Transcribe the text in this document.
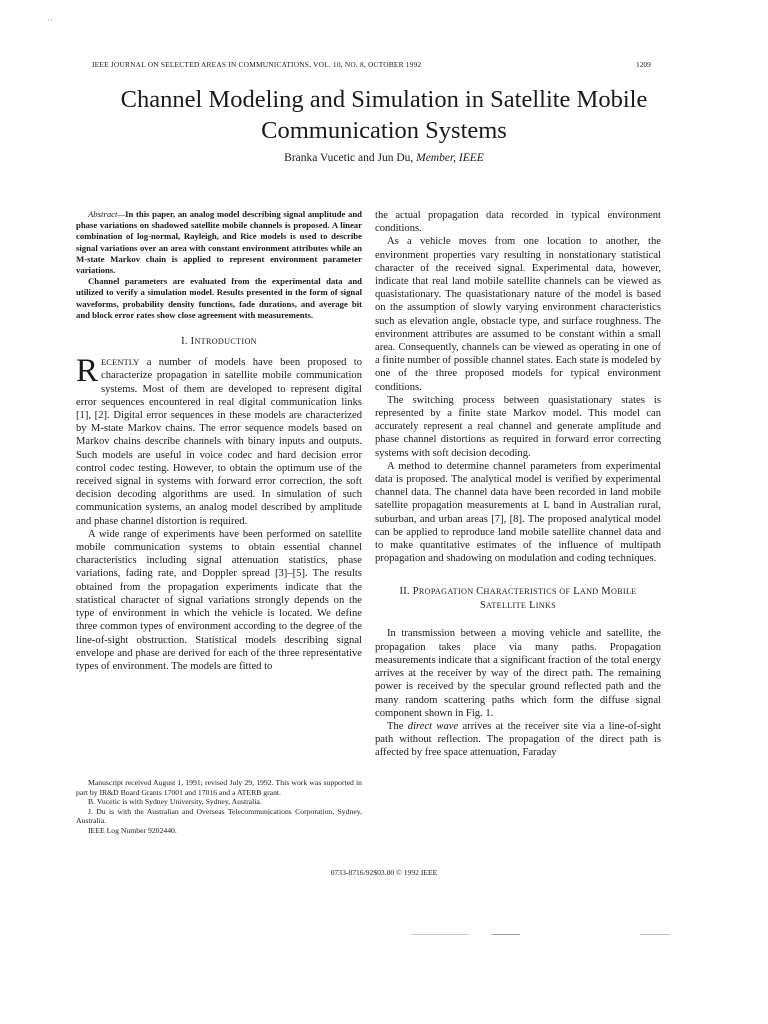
' '
IEEE JOURNAL ON SELECTED AREAS IN COMMUNICATIONS, VOL. 10, NO. 8, OCTOBER 1992	1209
Channel Modeling and Simulation in Satellite Mobile
Communication Systems
Branka Vucetic and Jun Du, Member, IEEE

Abstract—In this paper, an analog model describing signal amplitude and phase variations on shadowed satellite mobile channels is proposed. A linear combination of log-normal, Rayleigh, and Rice models is used to describe signal variations over an area with constant environment attributes while an M-state Markov chain is applied to represent environment parameter variations.

Channel parameters are evaluated from the experimental data and utilized to verify a simulation model. Results presented in the form of signal waveforms, probability density functions, fade durations, and average bit and block error rates show close agreement with measurements.

I. INTRODUCTION

RECENTLY a number of models have been proposed to characterize propagation in satellite mobile communication systems. Most of them are developed to represent digital error sequences encountered in real digital communication links [1], [2]. Digital error sequences in these models are characterized by M-state Markov chains. The error sequence models based on Markov chains describe channels with binary inputs and outputs. Such models are useful in voice codec and hard decision error control codec testing. However, to obtain the optimum use of the received signal in systems with forward error correction, the soft decision decoding algorithms are used. In simulation of such communication systems, an analog model described by amplitude and phase channel distortion is required.

A wide range of experiments have been performed on satellite mobile communication systems to obtain essential channel characteristics including signal attenuation statistics, phase variations, fading rate, and Doppler spread [3]–[5]. The results obtained from the propagation experiments indicate that the statistical character of signal variations strongly depends on the type of environment in which the vehicle is located. We define three common types of environment according to the degree of the line-of-sight obstruction. Statistical models describing signal envelope and phase are derived for each of the three representative types of environment. The models are fitted to

Manuscript received August 1, 1991; revised July 29, 1992. This work was supported in part by IR&D Board Grants 17001 and 17016 and a ATERB grant.

B. Vucetic is with Sydney University, Sydney, Australia.

J. Du is with the Australian and Overseas Telecommunications Corporation, Sydney, Australia.

IEEE Log Number 9202440.

the actual propagation data recorded in typical environment conditions.

As a vehicle moves from one location to another, the environment properties vary resulting in nonstationary statistical character of the received signal. Experimental data, however, indicate that real land mobile satellite channels can be viewed as quasistationary. The quasistationary nature of the model is based on the assumption of slowly varying environment characteristics such as elevation angle, obstacle type, and surface roughness. The environment attributes are assumed to be constant within a small area. Consequently, channels can be viewed as operating in one of a finite number of possible channel states. Each state is modeled by one of the three proposed models for typical environment conditions.

The switching process between quasistationary states is represented by a finite state Markov model. This model can accurately represent a real channel and generate amplitude and phase channel distortions as required in forward error correcting systems with soft decision decoding.

A method to determine channel parameters from experimental data is proposed. The analytical model is verified by experimental channel data. The channel data have been recorded in land mobile satellite propagation measurements at L band in Australian rural, suburban, and urban areas [7], [8]. The proposed analytical model can be applied to reproduce land mobile satellite channel data and to make quantitative estimates of the influence of multipath propagation and shadowing on modulation and coding techniques.

II. PROPAGATION CHARACTERISTICS OF LAND MOBILE
SATELLITE LINKS

In transmission between a moving vehicle and satellite, the propagation takes place via many paths. Propagation measurements indicate that a significant fraction of the total energy arrives at the receiver by way of the direct path. The remaining power is received by the specular ground reflected path and the many random scattering paths which form the diffuse signal component shown in Fig. 1.

The direct wave arrives at the receiver site via a line-of-sight path without reflection. The propagation of the direct path is affected by free space attenuation, Faraday

0733-8716/92$03.00 © 1992 IEEE
